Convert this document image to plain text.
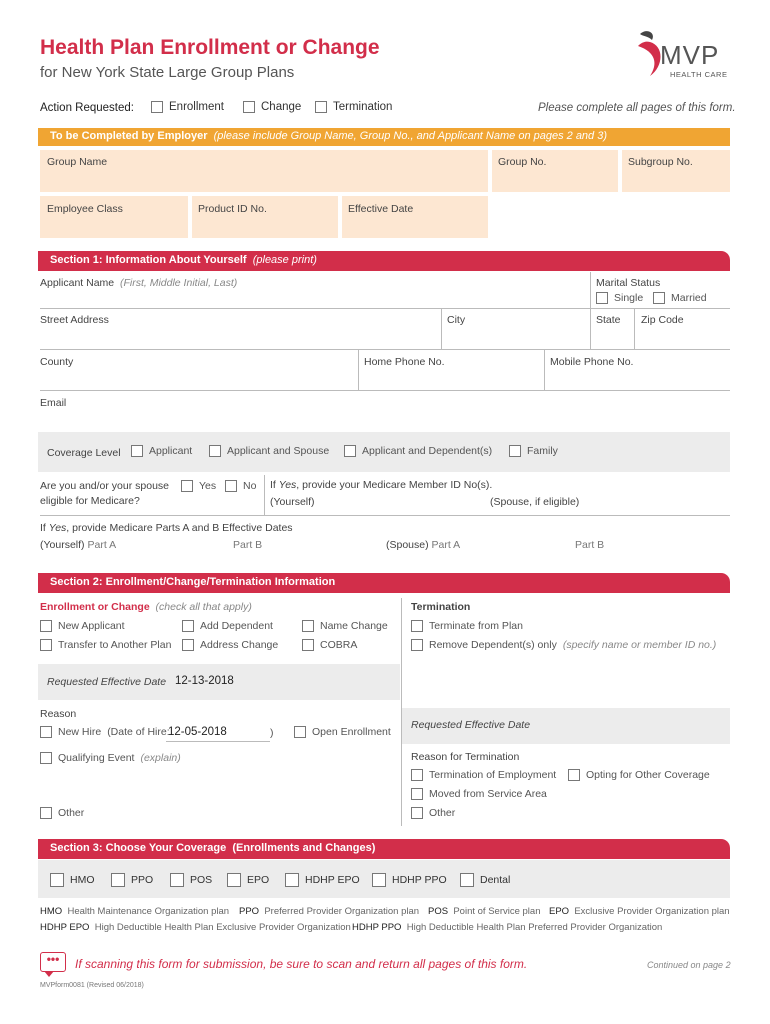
Health Plan Enrollment or Change
for New York State Large Group Plans
MVP
HEALTH CARE
Action Requested:	Enrollment	Change	Termination	Please complete all pages of this form.
To be Completed by Employer (please include Group Name, Group No., and Applicant Name on pages 2 and 3)
Group Name	Group No.	Subgroup No.
Employee Class	Product ID No.	Effective Date
Section 1: Information About Yourself (please print)
Applicant Name (First, Middle Initial, Last)	Marital Status
Single	Married
Street Address	City	State Zip Code
County	Home Phone No.	Mobile Phone No.
Email
Coverage Level	Applicant	Applicant and Spouse	Applicant and Dependent(s)	Family
Are you and/or your spouse
eligible for Medicare?
Yes	No If Yes, provide your Medicare Member ID No(s).
(Yourself)	(Spouse, if eligible)
If Yes, provide Medicare Parts A and B Effective Dates
(Yourself) Part A	Part B	(Spouse) Part A	Part B
Section 2: Enrollment/Change/Termination Information
Enrollment or Change (check all that apply)
New Applicant	Add Dependent	Name Change
Transfer to Another Plan	Address Change	COBRA
Requested Effective Date 12-13-2018
Reason
New Hire (Date of Hire:
12-05-2018	)	Open Enrollment
Qualifying Event (explain)
Other
Termination
Terminate from Plan
Remove Dependent(s) only (specify name or member ID no.)
Requested Effective Date
Reason for Termination
Termination of Employment	Opting for Other Coverage
Moved from Service Area
Other
Section 3: Choose Your Coverage (Enrollments and Changes)
HMO	PPO	POS	EPO	HDHP EPO	HDHP PPO	Dental
HMO Health Maintenance Organization plan PPO Preferred Provider Organization plan POS Point of Service plan EPO Exclusive Provider Organization plan
HDHP EPO High Deductible Health Plan Exclusive Provider Organization HDHP PPO High Deductible Health Plan Preferred Provider Organization
•••	If scanning this form for submission, be sure to scan and return all pages of this form.	Continued on page 2
MVPform0081 (Revised 06/2018)
